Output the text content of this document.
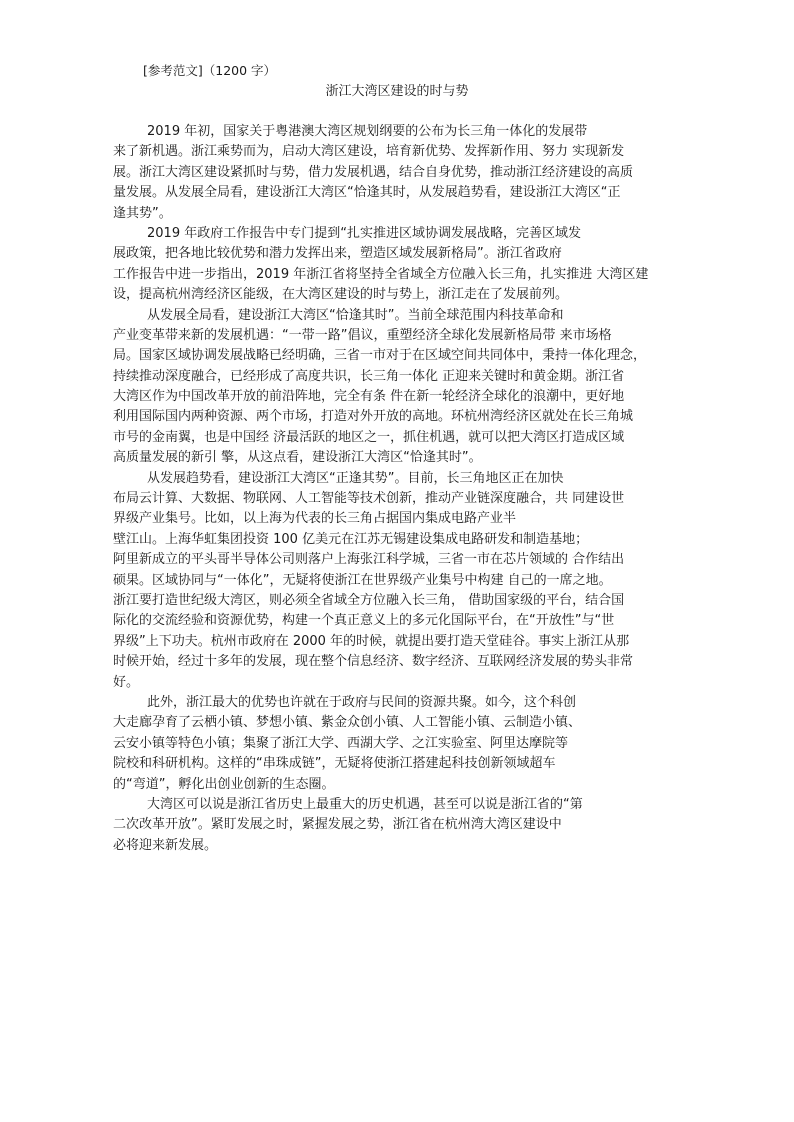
[参考范文]（1200 字）
浙江大湾区建设的时与势
2019 年初，国家关于粤港澳大湾区规划纲要的公布为长三角一体化的发展带
来了新机遇。浙江乘势而为，启动大湾区建设，培育新优势、发挥新作用、努力 实现新发
展。浙江大湾区建设紧抓时与势，借力发展机遇，结合自身优势，推动浙江经济建设的高质
量发展。从发展全局看，建设浙江大湾区“恰逢其时，从发展趋势看，建设浙江大湾区“正
逢其势”。
2019 年政府工作报告中专门提到“扎实推进区域协调发展战略，完善区域发
展政策，把各地比较优势和潜力发挥出来，塑造区域发展新格局”。浙江省政府
工作报告中进一步指出，2019 年浙江省将坚持全省域全方位融入长三角，扎实推进 大湾区建
设，提高杭州湾经济区能级，在大湾区建设的时与势上，浙江走在了发展前列。
从发展全局看，建设浙江大湾区“恰逢其时”。当前全球范围内科技革命和
产业变革带来新的发展机遇：“一带一路”倡议，重塑经济全球化发展新格局带 来市场格
局。国家区域协调发展战略已经明确，三省一市对于在区域空间共同体中，秉持一体化理念，
持续推动深度融合，已经形成了高度共识，长三角一体化 正迎来关键时和黄金期。浙江省
大湾区作为中国改革开放的前沿阵地，完全有条 件在新一轮经济全球化的浪潮中，更好地
利用国际国内两种资源、两个市场，打造对外开放的高地。环杭州湾经济区就处在长三角城
市号的金南翼，也是中国经 济最活跃的地区之一，抓住机遇，就可以把大湾区打造成区域
高质量发展的新引 擎，从这点看，建设浙江大湾区“恰逢其时”。
从发展趋势看，建设浙江大湾区“正逢其势”。目前，长三角地区正在加快
布局云计算、大数据、物联网、人工智能等技术创新，推动产业链深度融合，共 同建设世
界级产业集号。比如，以上海为代表的长三角占据国内集成电路产业半
壁江山。上海华虹集团投资 100 亿美元在江苏无锡建设集成电路研发和制造基地；
阿里新成立的平头哥半导体公司则落户上海张江科学城，三省一市在芯片领域的 合作结出
硕果。区域协同与“一体化”，无疑将使浙江在世界级产业集号中构建 自己的一席之地。
浙江要打造世纪级大湾区，则必须全省域全方位融入长三角， 借助国家级的平台，结合国
际化的交流经验和资源优势，构建一个真正意义上的多元化国际平台，在“开放性”与“世
界级”上下功夫。杭州市政府在 2000 年的时候，就提出要打造天堂硅谷。事实上浙江从那
时候开始，经过十多年的发展，现在整个信息经济、数字经济、互联网经济发展的势头非常
好。
此外，浙江最大的优势也许就在于政府与民间的资源共聚。如今，这个科创
大走廊孕育了云栖小镇、梦想小镇、紫金众创小镇、人工智能小镇、云制造小镇、
云安小镇等特色小镇；集聚了浙江大学、西湖大学、之江实验室、阿里达摩院等
院校和科研机构。这样的“串珠成链”，无疑将使浙江搭建起科技创新领域超车
的“弯道”，孵化出创业创新的生态圈。
大湾区可以说是浙江省历史上最重大的历史机遇，甚至可以说是浙江省的“第
二次改革开放”。紧盯发展之时，紧握发展之势，浙江省在杭州湾大湾区建设中
必将迎来新发展。
